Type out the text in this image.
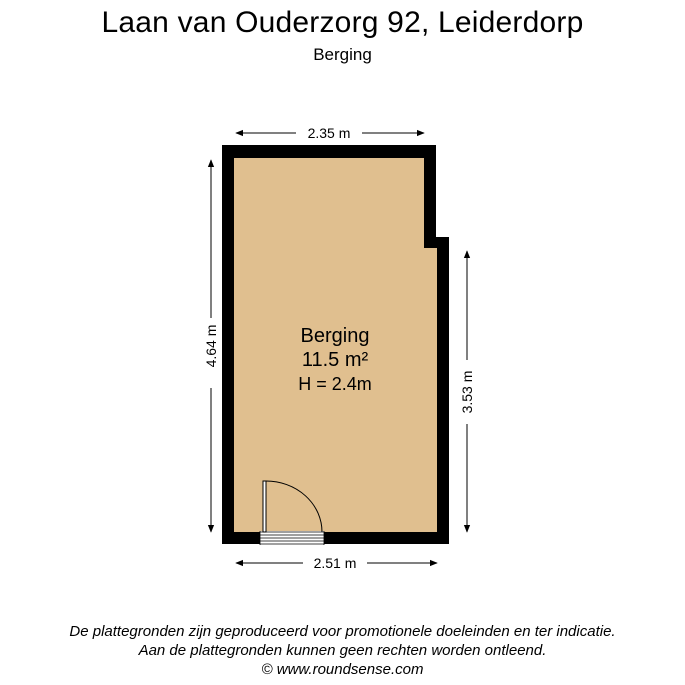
Laan van Ouderzorg 92, Leiderdorp
Berging
Berging
11.5 m²
H = 2.4m
2.35 m
2.51 m
4.64 m
3.53 m
De plattegronden zijn geproduceerd voor promotionele doeleinden en ter indicatie.
Aan de plattegronden kunnen geen rechten worden ontleend.
© www.roundsense.com
